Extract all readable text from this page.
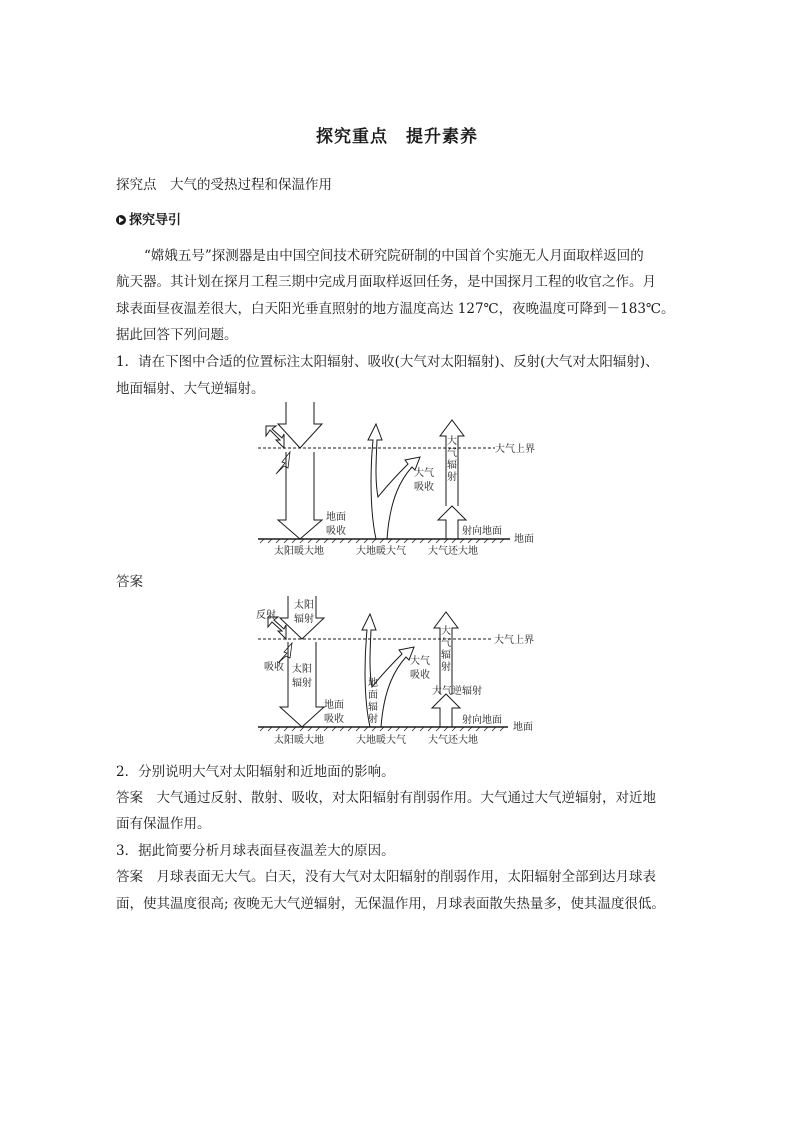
探究重点　提升素养
探究点　大气的受热过程和保温作用
探究导引
“嫦娥五号”探测器是由中国空间技术研究院研制的中国首个实施无人月面取样返回的
航天器。其计划在探月工程三期中完成月面取样返回任务，是中国探月工程的收官之作。月
球表面昼夜温差很大，白天阳光垂直照射的地方温度高达 127℃，夜晚温度可降到－183℃。
据此回答下列问题。
1．请在下图中合适的位置标注太阳辐射、吸收(大气对太阳辐射)、反射(大气对太阳辐射)、
地面辐射、大气逆辐射。
大气上界
地面
大气
吸收
地面
吸收
大
气
辐
射
射向地面
太阳暖大地	大地暖大气 大气还大地
答案
大气上界
地面
反射
太阳
辐射
吸收 太阳
辐射
大气
吸收
地
面
辐
射
地面
吸收
大
气
辐
射
大气逆辐射
射向地面
太阳暖大地	大地暖大气 大气还大地
2．分别说明大气对太阳辐射和近地面的影响。
答案　大气通过反射、散射、吸收，对太阳辐射有削弱作用。大气通过大气逆辐射，对近地
面有保温作用。
3．据此简要分析月球表面昼夜温差大的原因。
答案　月球表面无大气。白天，没有大气对太阳辐射的削弱作用，太阳辐射全部到达月球表
面，使其温度很高; 夜晚无大气逆辐射，无保温作用，月球表面散失热量多，使其温度很低。
